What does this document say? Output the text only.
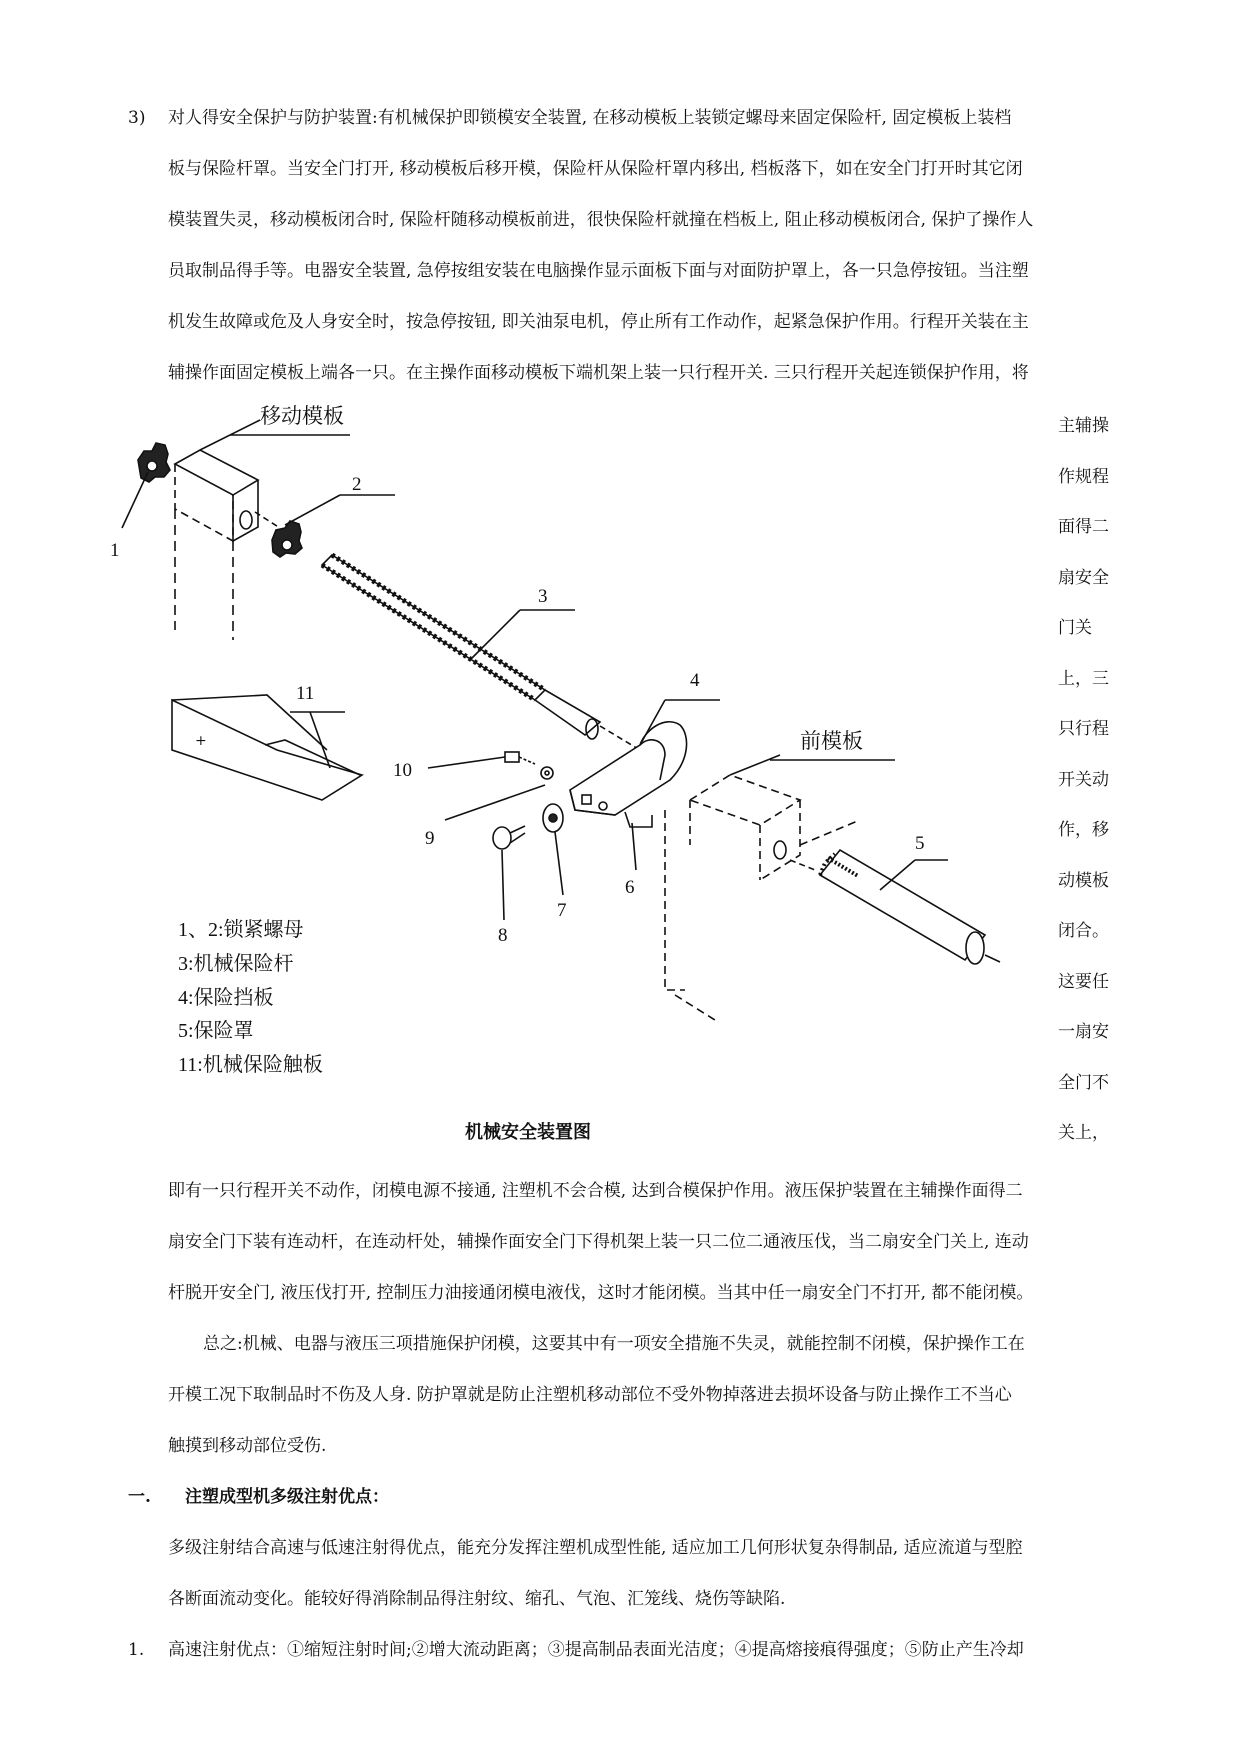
3) 对人得安全保护与防护装置:有机械保护即锁模安全装置, 在移动模板上装锁定螺母来固定保险杆, 固定模板上装档
板与保险杆罩。当安全门打开, 移动模板后移开模，保险杆从保险杆罩内移出, 档板落下，如在安全门打开时其它闭
模装置失灵，移动模板闭合时, 保险杆随移动模板前进，很快保险杆就撞在档板上, 阻止移动模板闭合, 保护了操作人
员取制品得手等。电器安全装置, 急停按组安装在电脑操作显示面板下面与对面防护罩上，各一只急停按钮。当注塑
机发生故障或危及人身安全时，按急停按钮, 即关油泵电机，停止所有工作动作，起紧急保护作用。行程开关装在主
辅操作面固定模板上端各一只。在主操作面移动模板下端机架上装一只行程开关. 三只行程开关起连锁保护作用，将
主辅操
作规程
面得二
扇安全
门关
上，三
只行程
开关动
作，移
动模板
闭合。
这要任
一扇安
全门不
关上，
+
移动模板
前模板
1
2
3
4
5
6
7
8
9
10
11
1、2:锁紧螺母
3:机械保险杆
4:保险挡板
5:保险罩
11:机械保险触板
机械安全装置图
即有一只行程开关不动作，闭模电源不接通, 注塑机不会合模, 达到合模保护作用。液压保护装置在主辅操作面得二
扇安全门下装有连动杆，在连动杆处，辅操作面安全门下得机架上装一只二位二通液压伐，当二扇安全门关上, 连动
杆脱开安全门, 液压伐打开, 控制压力油接通闭模电液伐，这时才能闭模。当其中任一扇安全门不打开, 都不能闭模。
总之:机械、电器与液压三项措施保护闭模，这要其中有一项安全措施不失灵，就能控制不闭模，保护操作工在
开模工况下取制品时不伤及人身. 防护罩就是防止注塑机移动部位不受外物掉落进去损坏设备与防止操作工不当心
触摸到移动部位受伤.
一. 注塑成型机多级注射优点：
多级注射结合高速与低速注射得优点，能充分发挥注塑机成型性能, 适应加工几何形状复杂得制品, 适应流道与型腔
各断面流动变化。能较好得消除制品得注射纹、缩孔、气泡、汇笼线、烧伤等缺陷.
1. 高速注射优点：①缩短注射时间;②增大流动距离；③提高制品表面光洁度；④提高熔接痕得强度；⑤防止产生冷却
